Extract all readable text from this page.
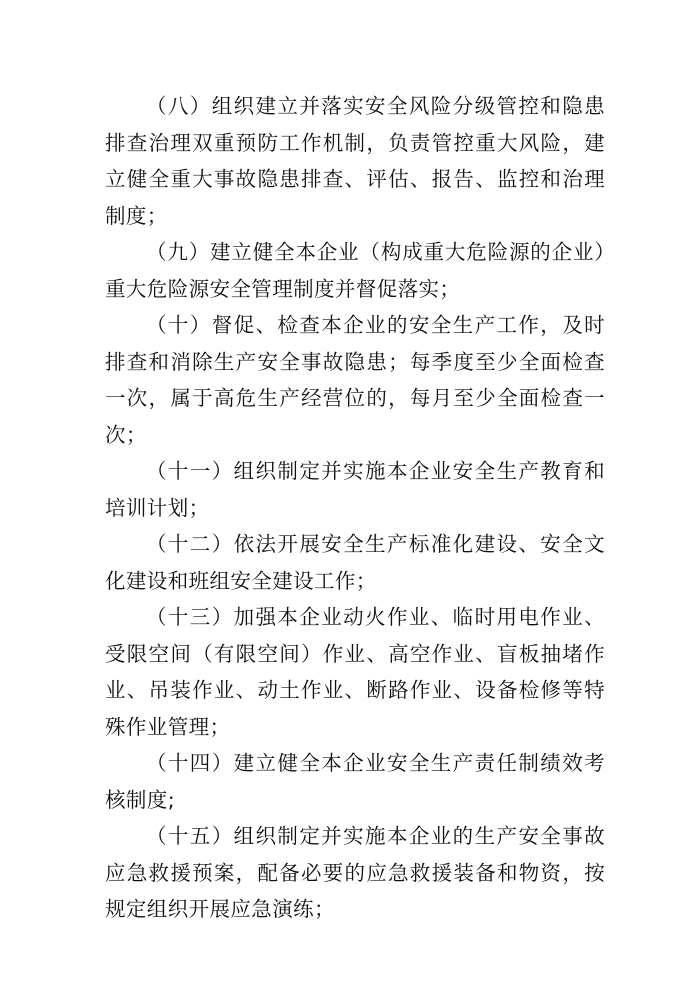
（八）组织建立并落实安全风险分级管控和隐患排查治理双重预防工作机制，负责管控重大风险，建立健全重大事故隐患排查、评估、报告、监控和治理制度；

（九）建立健全本企业（构成重大危险源的企业）重大危险源安全管理制度并督促落实；

（十）督促、检查本企业的安全生产工作，及时排查和消除生产安全事故隐患；每季度至少全面检查一次，属于高危生产经营位的，每月至少全面检查一次；

（十一）组织制定并实施本企业安全生产教育和培训计划；

（十二）依法开展安全生产标准化建设、安全文化建设和班组安全建设工作；

（十三）加强本企业动火作业、临时用电作业、受限空间（有限空间）作业、高空作业、盲板抽堵作业、吊装作业、动土作业、断路作业、设备检修等特殊作业管理；

（十四）建立健全本企业安全生产责任制绩效考核制度;

（十五）组织制定并实施本企业的生产安全事故应急救援预案，配备必要的应急救援装备和物资，按规定组织开展应急演练；
